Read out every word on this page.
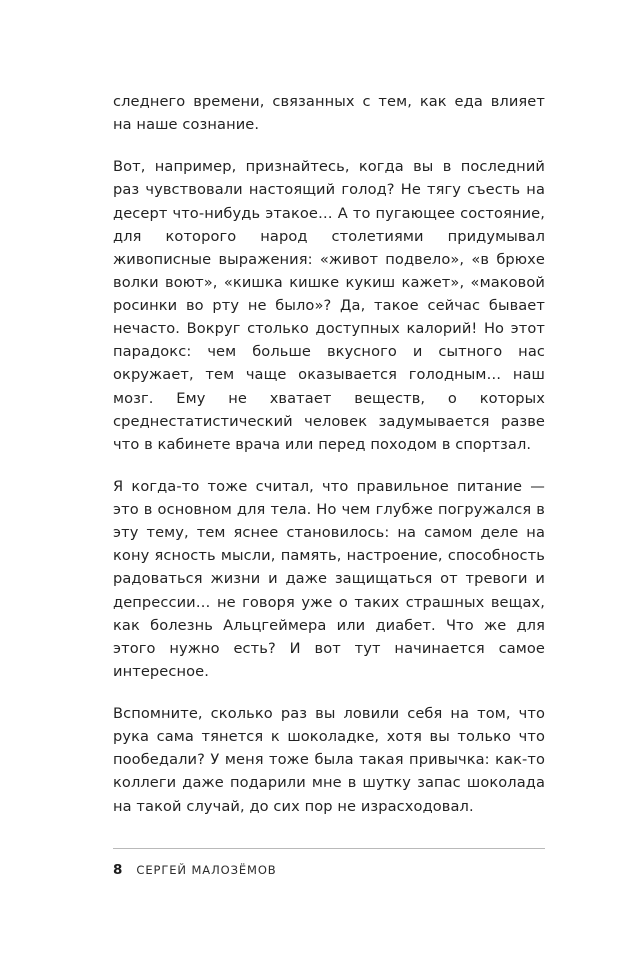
следнего времени, связанных с тем, как еда влияет на наше сознание.

Вот, например, признайтесь, когда вы в последний раз чувствовали настоящий голод? Не тягу съесть на десерт что-нибудь этакое… А то пугающее состояние, для которого народ столетиями придумывал живописные выражения: «живот подвело», «в брюхе волки воют», «кишка кишке кукиш кажет», «маковой росинки во рту не было»? Да, такое сейчас бывает нечасто. Вокруг столько доступных калорий! Но этот парадокс: чем больше вкусного и сытного нас окружает, тем чаще оказывается голодным… наш мозг. Ему не хватает веществ, о которых среднестатистический человек задумывается разве что в кабинете врача или перед походом в спортзал.

Я когда-то тоже считал, что правильное питание — это в основном для тела. Но чем глубже погружался в эту тему, тем яснее становилось: на самом деле на кону ясность мысли, память, настроение, способность радоваться жизни и даже защищаться от тревоги и депрессии… не говоря уже о таких страшных вещах, как болезнь Альцгеймера или диабет. Что же для этого нужно есть? И вот тут начинается самое интересное.

Вспомните, сколько раз вы ловили себя на том, что рука сама тянется к шоколадке, хотя вы только что пообедали? У меня тоже была такая привычка: как-то коллеги даже подарили мне в шутку запас шоколада на такой случай, до сих пор не израсходовал.

8 СЕРГЕЙ МАЛОЗЁМОВ
